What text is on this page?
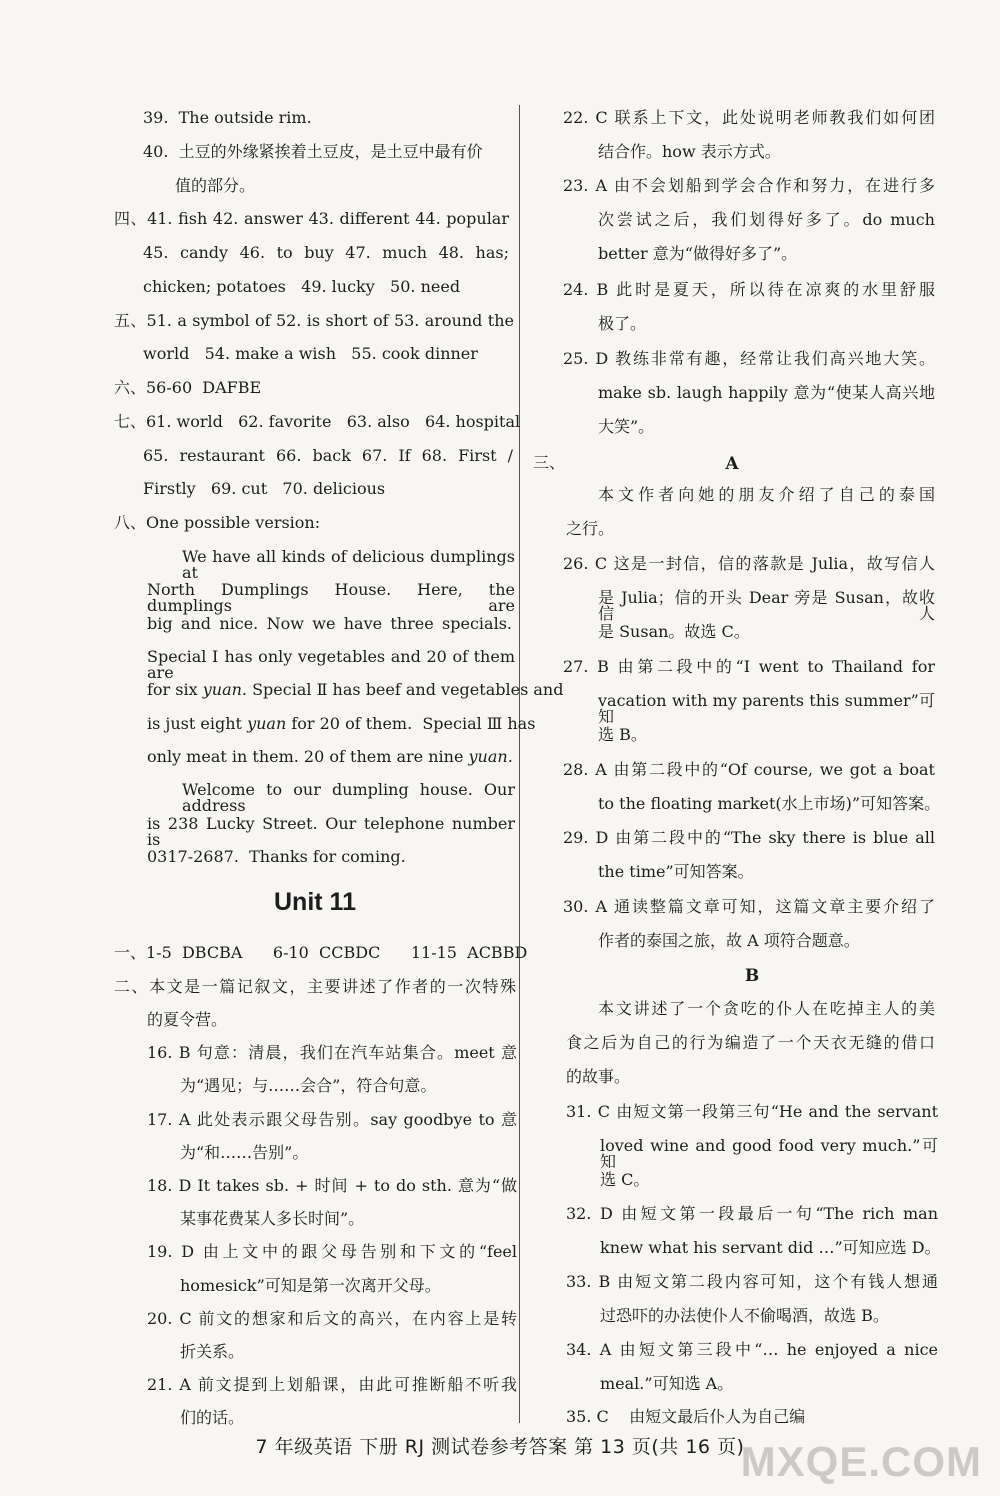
39.  The outside rim.
40.  土豆的外缘紧挨着土豆皮，是土豆中最有价
值的部分。
四、41. fish 42. answer 43. different 44. popular
45. candy 46. to buy 47. much 48. has;
chicken; potatoes   49. lucky   50. need
五、51. a symbol of 52. is short of 53. around the
world   54. make a wish   55. cook dinner
六、56-60  DAFBE
七、61. world   62. favorite   63. also   64. hospital
65. restaurant 66. back 67. If 68. First /
Firstly   69. cut   70. delicious
八、One possible version:
We have all kinds of delicious dumplings at
North Dumplings House. Here, the dumplings are
big and nice. Now we have three specials.
Special Ⅰ has only vegetables and 20 of them are
for six yuan. Special Ⅱ has beef and vegetables and
is just eight yuan for 20 of them.  Special Ⅲ has
only meat in them. 20 of them are nine yuan.
Welcome to our dumpling house. Our address
is 238 Lucky Street. Our telephone number is
0317-2687.  Thanks for coming.
Unit 11
一、1-5  DBCBA      6-10  CCBDC      11-15  ACBBD
二、本文是一篇记叙文，主要讲述了作者的一次特殊
的夏令营。
16. B 句意：清晨，我们在汽车站集合。meet 意
为“遇见；与……会合”，符合句意。
17. A 此处表示跟父母告别。say goodbye to 意
为“和……告别”。
18. D It takes sb. + 时间 + to do sth. 意为“做
某事花费某人多长时间”。
19. D 由上文中的跟父母告别和下文的“feel
homesick”可知是第一次离开父母。
20. C 前文的想家和后文的高兴，在内容上是转
折关系。
21. A 前文提到上划船课，由此可推断船不听我
们的话。
22. C 联系上下文，此处说明老师教我们如何团
结合作。how 表示方式。
23. A 由不会划船到学会合作和努力，在进行多
次尝试之后，我们划得好多了。do much
better 意为“做得好多了”。
24. B 此时是夏天，所以待在凉爽的水里舒服
极了。
25. D 教练非常有趣，经常让我们高兴地大笑。
make sb. laugh happily 意为“使某人高兴地
大笑”。
三、	A
本文作者向她的朋友介绍了自己的泰国
之行。
26. C 这是一封信，信的落款是 Julia，故写信人
是 Julia；信的开头 Dear 旁是 Susan，故收信人
是 Susan。故选 C。
27. B 由第二段中的“I went to Thailand for
vacation with my parents this summer”可知
选 B。
28. A 由第二段中的“Of course, we got a boat
to the floating market(水上市场)”可知答案。
29. D 由第二段中的“The sky there is blue all
the time”可知答案。
30. A 通读整篇文章可知，这篇文章主要介绍了
作者的泰国之旅，故 A 项符合题意。
B
本文讲述了一个贪吃的仆人在吃掉主人的美
食之后为自己的行为编造了一个天衣无缝的借口
的故事。
31. C 由短文第一段第三句“He and the servant
loved wine and good food very much.”可知
选 C。
32. D 由短文第一段最后一句“The rich man
knew what his servant did …”可知应选 D。
33. B 由短文第二段内容可知，这个有钱人想通
过恐吓的办法使仆人不偷喝酒，故选 B。
34. A 由短文第三段中“… he enjoyed a nice
meal.”可知选 A。
35. C    由短文最后仆人为自己编
7 年级英语 下册 RJ 测试卷参考答案 第 13 页(共 16 页)
MXQE.COM
